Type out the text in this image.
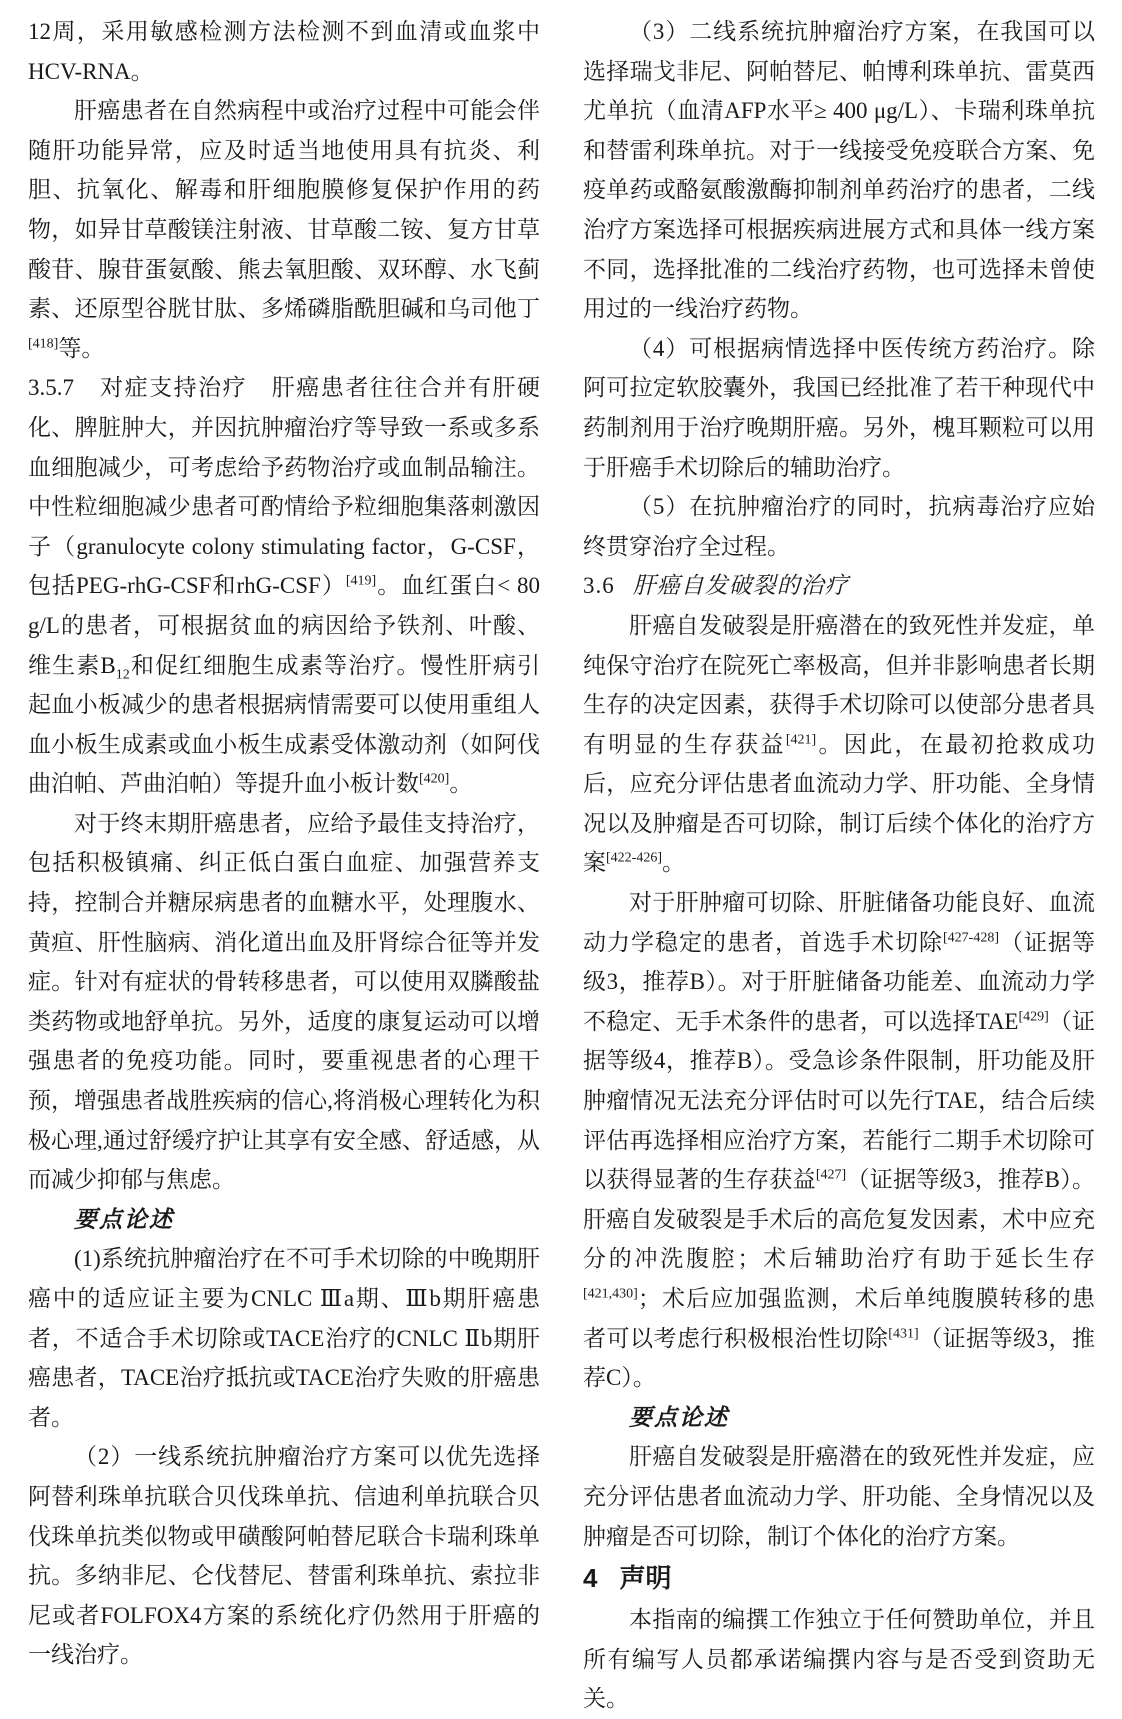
12周，采用敏感检测方法检测不到血清或血浆中HCV-RNA。

肝癌患者在自然病程中或治疗过程中可能会伴随肝功能异常，应及时适当地使用具有抗炎、利胆、抗氧化、解毒和肝细胞膜修复保护作用的药物，如异甘草酸镁注射液、甘草酸二铵、复方甘草酸苷、腺苷蛋氨酸、熊去氧胆酸、双环醇、水飞蓟素、还原型谷胱甘肽、多烯磷脂酰胆碱和乌司他丁[418]等。

3.5.7　对症支持治疗　肝癌患者往往合并有肝硬化、脾脏肿大，并因抗肿瘤治疗等导致一系或多系血细胞减少，可考虑给予药物治疗或血制品输注。中性粒细胞减少患者可酌情给予粒细胞集落刺激因子（granulocyte colony stimulating factor，G-CSF，包括PEG-rhG-CSF和rhG-CSF）[419]。血红蛋白< 80 g/L的患者，可根据贫血的病因给予铁剂、叶酸、维生素$B_{12}$和促红细胞生成素等治疗。慢性肝病引起血小板减少的患者根据病情需要可以使用重组人血小板生成素或血小板生成素受体激动剂（如阿伐曲泊帕、芦曲泊帕）等提升血小板计数[420]。

对于终末期肝癌患者，应给予最佳支持治疗，包括积极镇痛、纠正低白蛋白血症、加强营养支持，控制合并糖尿病患者的血糖水平，处理腹水、黄疸、肝性脑病、消化道出血及肝肾综合征等并发症。针对有症状的骨转移患者，可以使用双膦酸盐类药物或地舒单抗。另外，适度的康复运动可以增强患者的免疫功能。同时，要重视患者的心理干预，增强患者战胜疾病的信心,将消极心理转化为积极心理,通过舒缓疗护让其享有安全感、舒适感，从而减少抑郁与焦虑。

要点论述

(1)系统抗肿瘤治疗在不可手术切除的中晚期肝癌中的适应证主要为CNLC Ⅲa期、Ⅲb期肝癌患者，不适合手术切除或TACE治疗的CNLC Ⅱb期肝癌患者，TACE治疗抵抗或TACE治疗失败的肝癌患者。

（2）一线系统抗肿瘤治疗方案可以优先选择阿替利珠单抗联合贝伐珠单抗、信迪利单抗联合贝伐珠单抗类似物或甲磺酸阿帕替尼联合卡瑞利珠单抗。多纳非尼、仑伐替尼、替雷利珠单抗、索拉非尼或者FOLFOX4方案的系统化疗仍然用于肝癌的一线治疗。

（3）二线系统抗肿瘤治疗方案，在我国可以选择瑞戈非尼、阿帕替尼、帕博利珠单抗、雷莫西尤单抗（血清AFP水平≥ 400 μg/L）、卡瑞利珠单抗和替雷利珠单抗。对于一线接受免疫联合方案、免疫单药或酪氨酸激酶抑制剂单药治疗的患者，二线治疗方案选择可根据疾病进展方式和具体一线方案不同，选择批准的二线治疗药物，也可选择未曾使用过的一线治疗药物。

（4）可根据病情选择中医传统方药治疗。除阿可拉定软胶囊外，我国已经批准了若干种现代中药制剂用于治疗晚期肝癌。另外，槐耳颗粒可以用于肝癌手术切除后的辅助治疗。

（5）在抗肿瘤治疗的同时，抗病毒治疗应始终贯穿治疗全过程。

3.6 肝癌自发破裂的治疗

肝癌自发破裂是肝癌潜在的致死性并发症，单纯保守治疗在院死亡率极高，但并非影响患者长期生存的决定因素，获得手术切除可以使部分患者具有明显的生存获益[421]。因此，在最初抢救成功后，应充分评估患者血流动力学、肝功能、全身情况以及肿瘤是否可切除，制订后续个体化的治疗方案[422-426]。

对于肝肿瘤可切除、肝脏储备功能良好、血流动力学稳定的患者，首选手术切除[427-428]（证据等级3，推荐B）。对于肝脏储备功能差、血流动力学不稳定、无手术条件的患者，可以选择TAE[429]（证据等级4，推荐B）。受急诊条件限制，肝功能及肝肿瘤情况无法充分评估时可以先行TAE，结合后续评估再选择相应治疗方案，若能行二期手术切除可以获得显著的生存获益[427]（证据等级3，推荐B）。肝癌自发破裂是手术后的高危复发因素，术中应充分的冲洗腹腔；术后辅助治疗有助于延长生存[421,430]；术后应加强监测，术后单纯腹膜转移的患者可以考虑行积极根治性切除[431]（证据等级3，推荐C）。

要点论述

肝癌自发破裂是肝癌潜在的致死性并发症，应充分评估患者血流动力学、肝功能、全身情况以及肿瘤是否可切除，制订个体化的治疗方案。

4 声明

本指南的编撰工作独立于任何赞助单位，并且所有编写人员都承诺编撰内容与是否受到资助无关。
